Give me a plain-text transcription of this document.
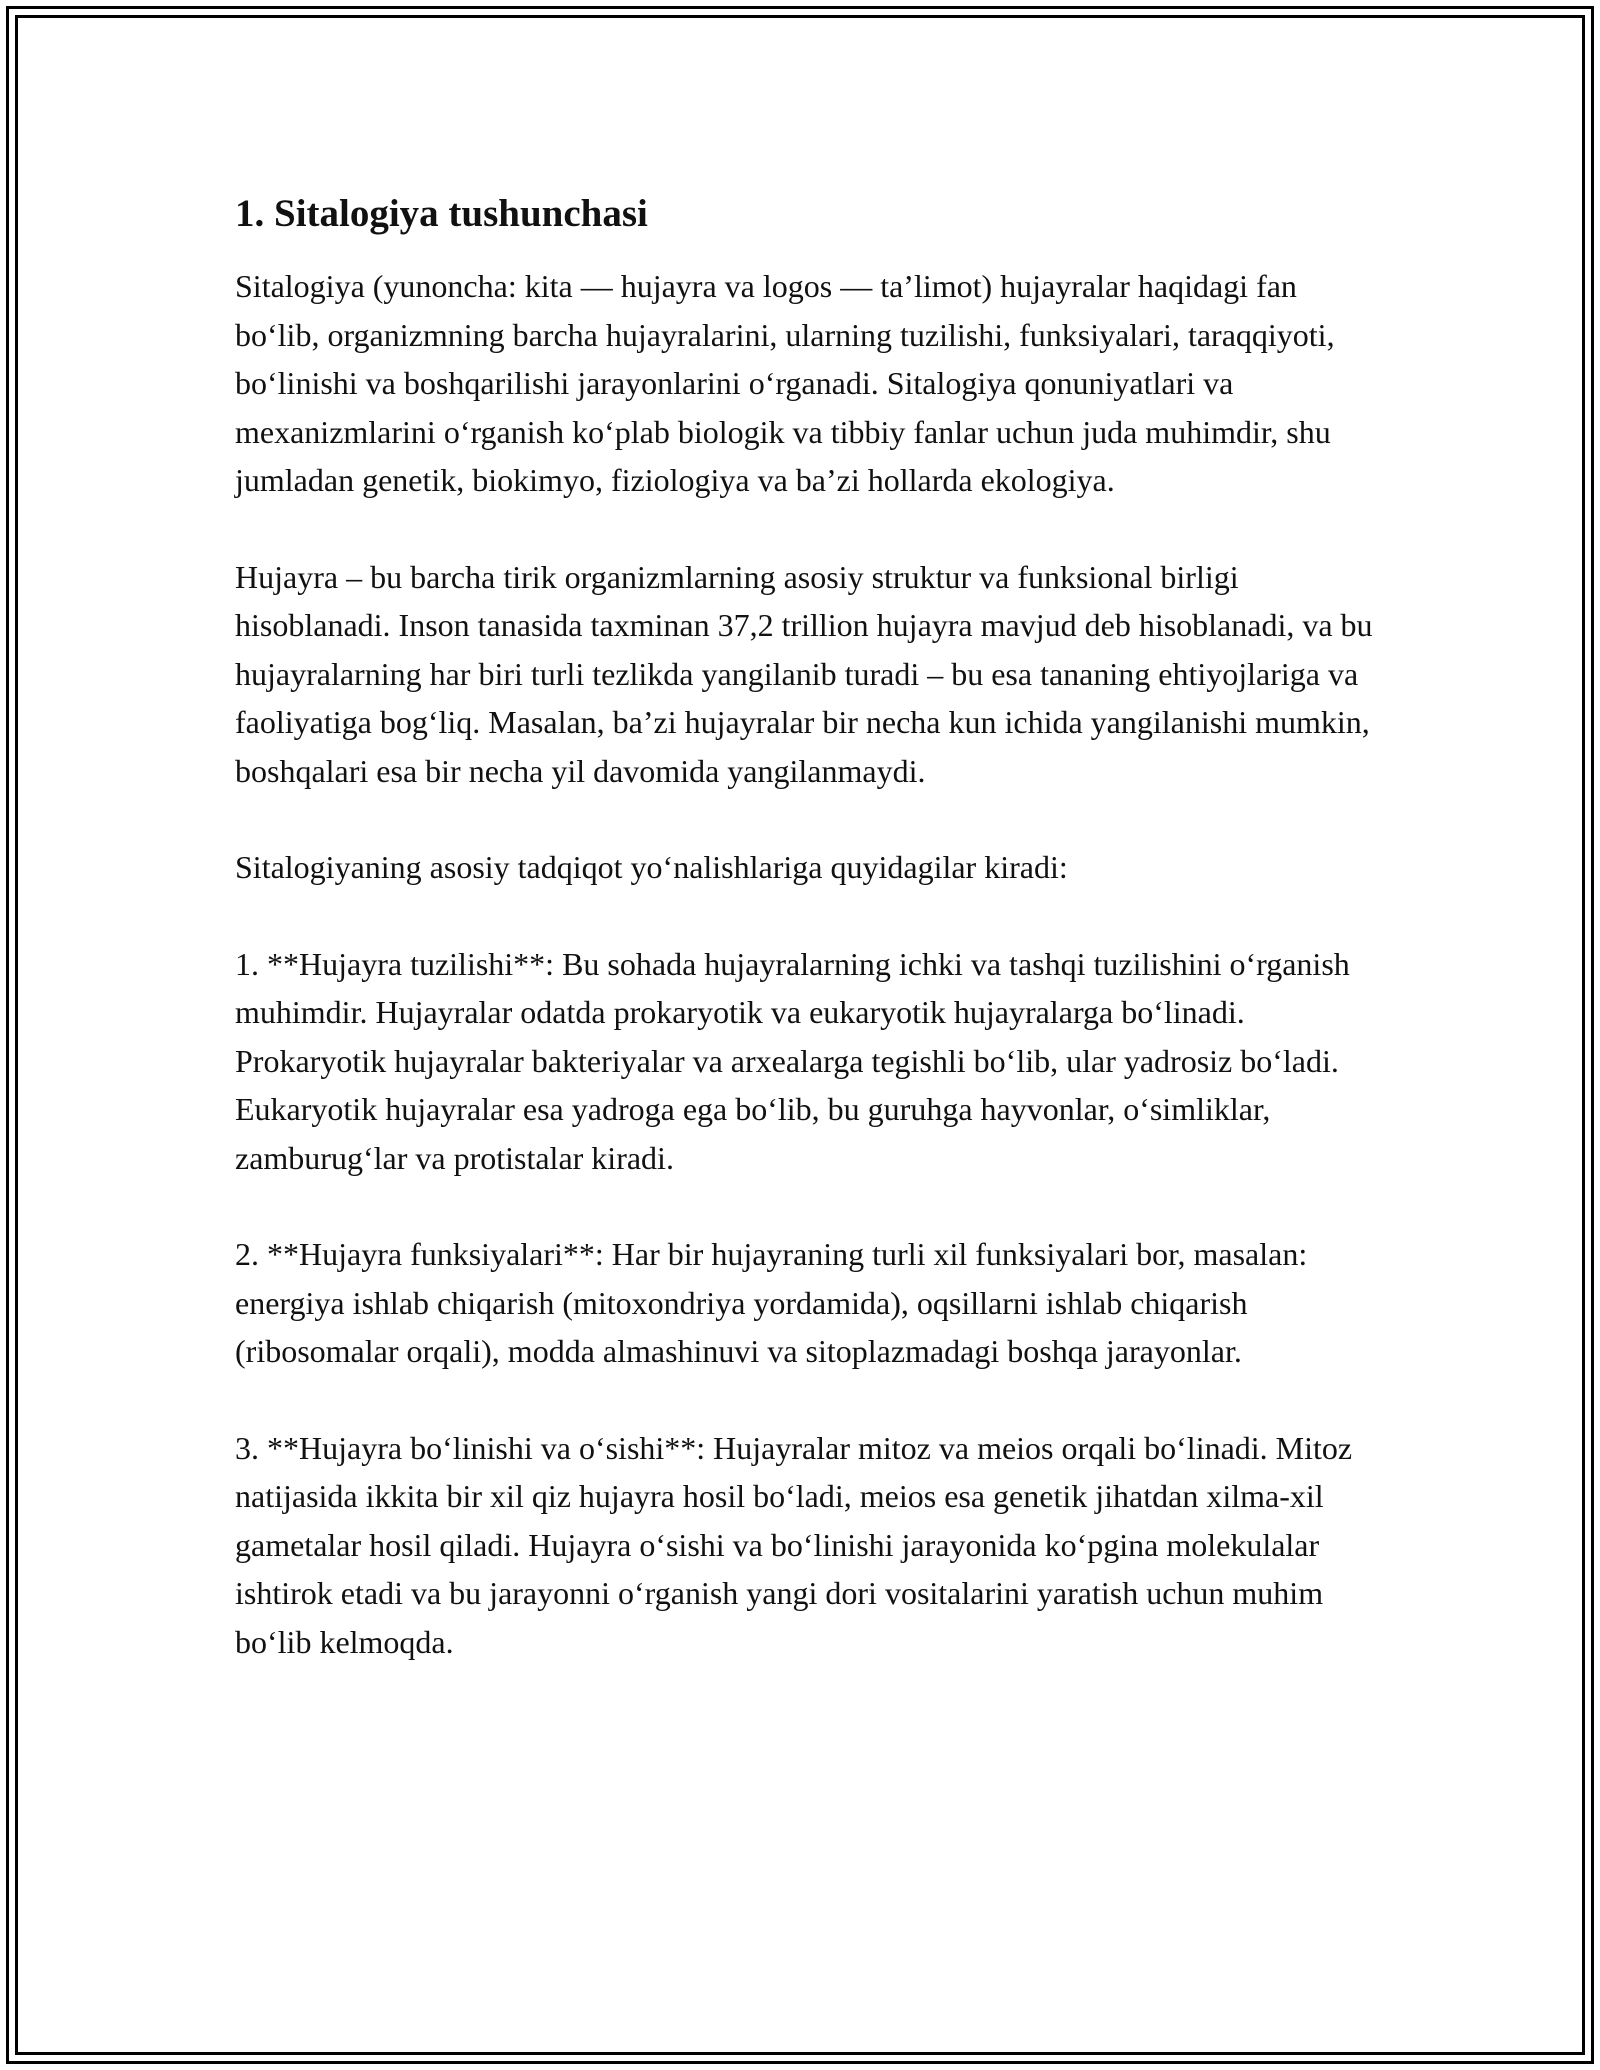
1. Sitalogiya tushunchasi

Sitalogiya (yunoncha: kita — hujayra va logos — ta’limot) hujayralar haqidagi fan bo‘lib, organizmning barcha hujayralarini, ularning tuzilishi, funksiyalari, taraqqiyoti, bo‘linishi va boshqarilishi jarayonlarini o‘rganadi. Sitalogiya qonuniyatlari va mexanizmlarini o‘rganish ko‘plab biologik va tibbiy fanlar uchun juda muhimdir, shu jumladan genetik, biokimyo, fiziologiya va ba’zi hollarda ekologiya.

Hujayra – bu barcha tirik organizmlarning asosiy struktur va funksional birligi hisoblanadi. Inson tanasida taxminan 37,2 trillion hujayra mavjud deb hisoblanadi, va bu hujayralarning har biri turli tezlikda yangilanib turadi – bu esa tananing ehtiyojlariga va faoliyatiga bog‘liq. Masalan, ba’zi hujayralar bir necha kun ichida yangilanishi mumkin, boshqalari esa bir necha yil davomida yangilanmaydi.

Sitalogiyaning asosiy tadqiqot yo‘nalishlariga quyidagilar kiradi:

1. **Hujayra tuzilishi**: Bu sohada hujayralarning ichki va tashqi tuzilishini o‘rganish muhimdir. Hujayralar odatda prokaryotik va eukaryotik hujayralarga bo‘linadi. Prokaryotik hujayralar bakteriyalar va arxealarga tegishli bo‘lib, ular yadrosiz bo‘ladi. Eukaryotik hujayralar esa yadroga ega bo‘lib, bu guruhga hayvonlar, o‘simliklar, zamburug‘lar va protistalar kiradi.

2. **Hujayra funksiyalari**: Har bir hujayraning turli xil funksiyalari bor, masalan: energiya ishlab chiqarish (mitoxondriya yordamida), oqsillarni ishlab chiqarish (ribosomalar orqali), modda almashinuvi va sitoplazmadagi boshqa jarayonlar.

3. **Hujayra bo‘linishi va o‘sishi**: Hujayralar mitoz va meios orqali bo‘linadi. Mitoz natijasida ikkita bir xil qiz hujayra hosil bo‘ladi, meios esa genetik jihatdan xilma-xil gametalar hosil qiladi. Hujayra o‘sishi va bo‘linishi jarayonida ko‘pgina molekulalar ishtirok etadi va bu jarayonni o‘rganish yangi dori vositalarini yaratish uchun muhim bo‘lib kelmoqda.
